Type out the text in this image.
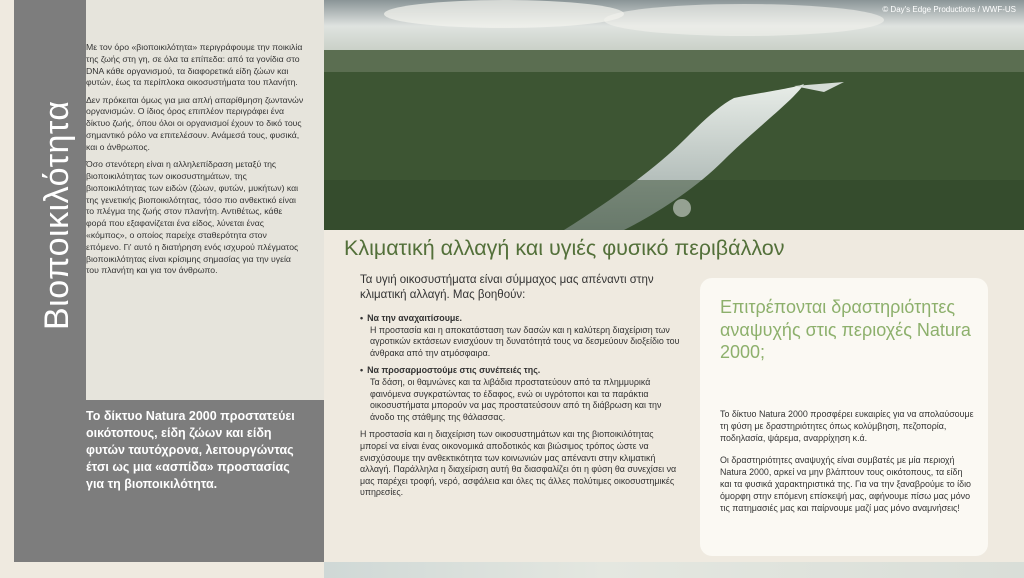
© Day's Edge Productions / WWF-US
Βιοποικιλότητα

Με τον όρο «βιοποικιλότητα» περιγράφουμε την ποικιλία της ζωής στη γη, σε όλα τα επίπεδα: από τα γονίδια στο DNA κάθε οργανισμού, τα διαφορετικά είδη ζώων και φυτών, έως τα περίπλοκα οικοσυστήματα του πλανήτη.

Δεν πρόκειται όμως για μια απλή απαρίθμηση ζωντανών οργανισμών. Ο ίδιος όρος επιπλέον περιγράφει ένα δίκτυο ζωής, όπου όλοι οι οργανισμοί έχουν το δικό τους σημαντικό ρόλο να επιτελέσουν. Ανάμεσά τους, φυσικά, και ο άνθρωπος.

Όσο στενότερη είναι η αλληλεπίδραση μεταξύ της βιοποικιλότητας των οικοσυστημάτων, της βιοποικιλότητας των ειδών (ζώων, φυτών, μυκήτων) και της γενετικής βιοποικιλότητας, τόσο πιο ανθεκτικό είναι το πλέγμα της ζωής στον πλανήτη. Αντιθέτως, κάθε φορά που εξαφανίζεται ένα είδος, λύνεται ένας «κόμπος», ο οποίος παρείχε σταθερότητα στον επόμενο. Γι' αυτό η διατήρηση ενός ισχυρού πλέγματος βιοποικιλότητας είναι κρίσιμης σημασίας για την υγεία του πλανήτη και για τον άνθρωπο.

Το δίκτυο Natura 2000 προστατεύει οικότοπους, είδη ζώων και είδη φυτών ταυτόχρονα, λειτουργώντας έτσι ως μια «ασπίδα» προστασίας για τη βιοποικιλότητα.
Κλιματική αλλαγή και υγιές φυσικό περιβάλλον
Τα υγιή οικοσυστήματα είναι σύμμαχος μας απέναντι στην κλιματική αλλαγή. Μας βοηθούν:
• Να την αναχαιτίσουμε.
Η προστασία και η αποκατάσταση των δασών και η καλύτερη διαχείριση των αγροτικών εκτάσεων ενισχύουν τη δυνατότητά τους να δεσμεύουν διοξείδιο του άνθρακα από την ατμόσφαιρα.
• Να προσαρμοστούμε στις συνέπειές της.
Τα δάση, οι θαμνώνες και τα λιβάδια προστατεύουν από τα πλημμυρικά φαινόμενα συγκρατώντας το έδαφος, ενώ οι υγρότοποι και τα παράκτια οικοσυστήματα μπορούν να μας προστατεύσουν από τη διάβρωση και την άνοδο της στάθμης της θάλασσας.

Η προστασία και η διαχείριση των οικοσυστημάτων και της βιοποικιλότητας μπορεί να είναι ένας οικονομικά αποδοτικός και βιώσιμος τρόπος ώστε να ενισχύσουμε την ανθεκτικότητα των κοινωνιών μας απέναντι στην κλιματική αλλαγή. Παράλληλα η διαχείριση αυτή θα διασφαλίζει ότι η φύση θα συνεχίσει να μας παρέχει τροφή, νερό, ασφάλεια και όλες τις άλλες πολύτιμες οικοσυστημικές υπηρεσίες.

Επιτρέπονται δραστηριότητες αναψυχής στις περιοχές Natura 2000;

Το δίκτυο Natura 2000 προσφέρει ευκαιρίες για να απολαύσουμε τη φύση με δραστηριότητες όπως κολύμβηση, πεζοπορία, ποδηλασία, ψάρεμα, αναρρίχηση κ.ά.

Οι δραστηριότητες αναψυχής είναι συμβατές με μία περιοχή Natura 2000, αρκεί να μην βλάπτουν τους οικότοπους, τα είδη και τα φυσικά χαρακτηριστικά της. Για να την ξαναβρούμε το ίδιο όμορφη στην επόμενη επίσκεψή μας, αφήνουμε πίσω μας μόνο τις πατημασιές μας και παίρνουμε μαζί μας μόνο αναμνήσεις!
